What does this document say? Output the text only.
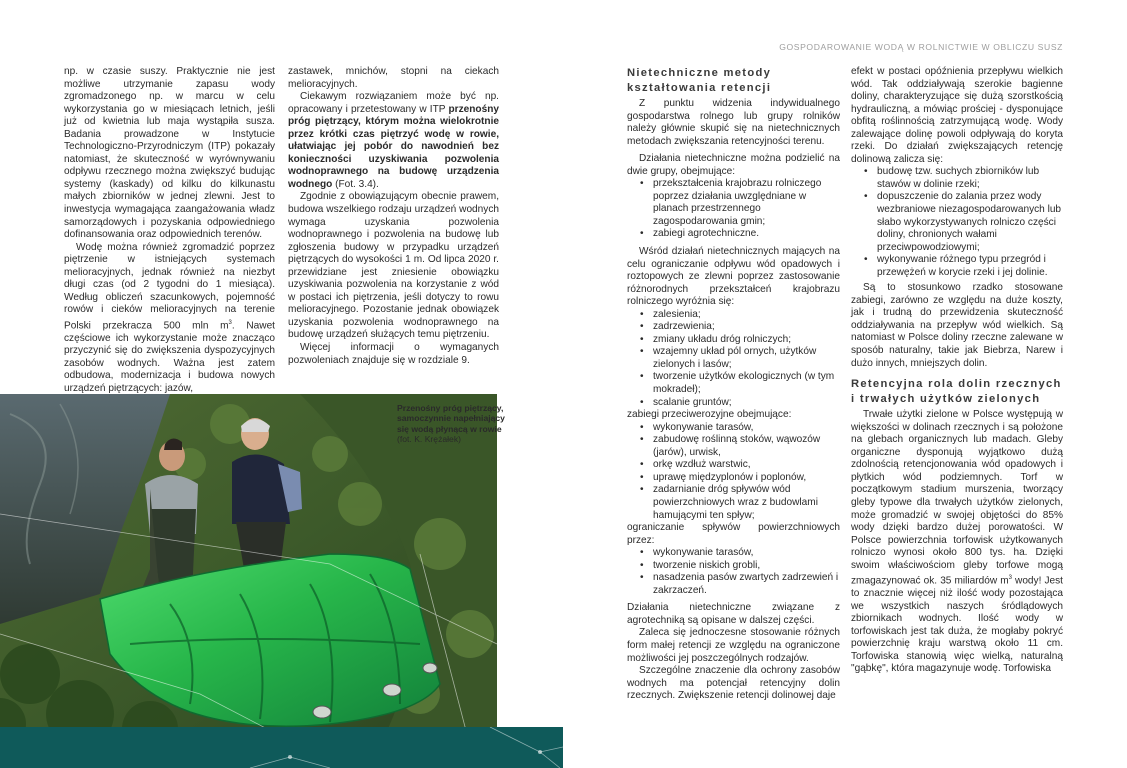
np. w czasie suszy. Praktycznie nie jest możliwe utrzymanie zapasu wody zgromadzonego np. w marcu w celu wykorzystania go w miesiącach letnich, jeśli już od kwietnia lub maja wystąpiła susza. Badania prowadzone w Instytucie Technologiczno-Przyrodniczym (ITP) pokazały natomiast, że skuteczność w wyrównywaniu odpływu rzecznego można zwiększyć budując systemy (kaskady) od kilku do kilkunastu małych zbiorników w jednej zlewni. Jest to inwestycja wymagająca zaangażowania władz samorządowych i pozyskania odpowiedniego dofinansowania oraz odpowiednich terenów.

Wodę można również zgromadzić poprzez piętrzenie w istniejących systemach melioracyjnych, jednak również na niezbyt długi czas (od 2 tygodni do 1 miesiąca). Według obliczeń szacunkowych, pojemność rowów i cieków melioracyjnych na terenie Polski przekracza 500 mln $m^3$. Nawet częściowe ich wykorzystanie może znacząco przyczynić się do zwiększenia dyspozycyjnych zasobów wodnych. Ważna jest zatem odbudowa, modernizacja i budowa nowych urządzeń piętrzących: jazów,

zastawek, mnichów, stopni na ciekach melioracyjnych.

Ciekawym rozwiązaniem może być np. opracowany i przetestowany w ITP przenośny próg piętrzący, którym można wielokrotnie przez krótki czas piętrzyć wodę w rowie, ułatwiając jej pobór do nawodnień bez konieczności uzyskiwania pozwolenia wodnoprawnego na budowę urządzenia wodnego (Fot. 3.4).

Zgodnie z obowiązującym obecnie prawem, budowa wszelkiego rodzaju urządzeń wodnych wymaga uzyskania pozwolenia wodnoprawnego i pozwolenia na budowę lub zgłoszenia budowy w przypadku urządzeń piętrzących do wysokości 1 m. Od lipca 2020 r. przewidziane jest zniesienie obowiązku uzyskiwania pozwolenia na korzystanie z wód w postaci ich piętrzenia, jeśli dotyczy to rowu melioracyjnego. Pozostanie jednak obowiązek uzyskania pozwolenia wodnoprawnego na budowę urządzeń służących temu piętrzeniu.

Więcej informacji o wymaganych pozwoleniach znajduje się w rozdziale 9.

Przenośny próg piętrzący, samoczynnie napełniający się wodą płynącą w rowie
(fot. K. Krężałek)
GOSPODAROWANIE WODĄ W ROLNICTWIE W OBLICZU SUSZ
Nietechniczne metody
kształtowania retencji

Z punktu widzenia indywidualnego gospodarstwa rolnego lub grupy rolników należy głównie skupić się na nietechnicznych metodach zwiększania retencyjności terenu.

Działania nietechniczne można podzielić na dwie grupy, obejmujące:

• przekształcenia krajobrazu rolniczego poprzez działania uwzględniane w planach przestrzennego zagospodarowania gmin;
• zabiegi agrotechniczne.

Wśród działań nietechnicznych mających na celu ograniczanie odpływu wód opadowych i roztopowych ze zlewni poprzez zastosowanie różnorodnych przekształceń krajobrazu rolniczego wyróżnia się:

• zalesienia;
• zadrzewienia;
• zmiany układu dróg rolniczych;
• wzajemny układ pól ornych, użytków zielonych i lasów;
• tworzenie użytków ekologicznych (w tym mokradeł);
• scalanie gruntów;

zabiegi przeciwerozyjne obejmujące:

• wykonywanie tarasów,
• zabudowę roślinną stoków, wąwozów (jarów), urwisk,
• orkę wzdłuż warstwic,
• uprawę międzyplonów i poplonów,
• zadarnianie dróg spływów wód powierzchniowych wraz z budowlami hamującymi ten spływ;

ograniczanie spływów powierzchniowych przez:

• wykonywanie tarasów,
• tworzenie niskich grobli,
• nasadzenia pasów zwartych zadrzewień i zakrzaczeń.

Działania nietechniczne związane z agrotechniką są opisane w dalszej części.

Zaleca się jednoczesne stosowanie różnych form małej retencji ze względu na ograniczone możliwości jej poszczególnych rodzajów.

Szczególne znaczenie dla ochrony zasobów wodnych ma potencjał retencyjny dolin rzecznych. Zwiększenie retencji dolinowej daje

efekt w postaci opóźnienia przepływu wielkich wód. Tak oddziaływają szerokie bagienne doliny, charakteryzujące się dużą szorstkością hydrauliczną, a mówiąc prościej - dysponujące obfitą roślinnością zatrzymującą wodę. Wody zalewające dolinę powoli odpływają do koryta rzeki. Do działań zwiększających retencję dolinową zalicza się:

• budowę tzw. suchych zbiorników lub stawów w dolinie rzeki;
• dopuszczenie do zalania przez wody wezbraniowe niezagospodarowanych lub słabo wykorzystywanych rolniczo części doliny, chronionych wałami przeciwpowodziowymi;
• wykonywanie różnego typu przegród i przewężeń w korycie rzeki i jej dolinie.

Są to stosunkowo rzadko stosowane zabiegi, zarówno ze względu na duże koszty, jak i trudną do przewidzenia skuteczność oddziaływania na przepływ wód wielkich. Są natomiast w Polsce doliny rzeczne zalewane w sposób naturalny, takie jak Biebrza, Narew i dużo innych, mniejszych dolin.

Retencyjna rola dolin rzecznych
i trwałych użytków zielonych

Trwałe użytki zielone w Polsce występują w większości w dolinach rzecznych i są położone na glebach organicznych lub madach. Gleby organiczne dysponują wyjątkowo dużą zdolnością retencjonowania wód opadowych i płytkich wód podziemnych. Torf w początkowym stadium murszenia, tworzący gleby typowe dla trwałych użytków zielonych, może gromadzić w swojej objętości do 85% wody dzięki bardzo dużej porowatości. W Polsce powierzchnia torfowisk użytkowanych rolniczo wynosi około 800 tys. ha. Dzięki swoim właściwościom gleby torfowe mogą zmagazynować ok. 35 miliardów $m^3$ wody! Jest to znacznie więcej niż ilość wody pozostająca we wszystkich naszych śródlądowych zbiornikach wodnych. Ilość wody w torfowiskach jest tak duża, że mogłaby pokryć powierzchnię kraju warstwą około 11 cm. Torfowiska stanowią więc wielką, naturalną "gąbkę", która magazynuje wodę. Torfowiska
